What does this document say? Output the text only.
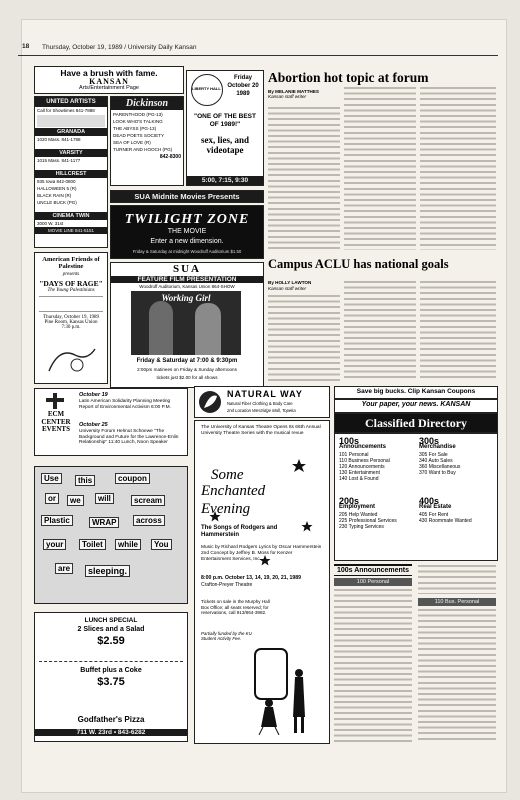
18 Thursday, October 19, 1989 / University Daily Kansan
Have a brush with fame.
KANSAN
Arts/Entertainment Page
UNITED ARTISTS
Call for Showtimes 841-7888
GRANADA
1020 Mass. 841-1788
VARSITY
1015 Mass. 841-1177
HILLCREST
935 Iowa 842-0800
HALLOWEEN 5 (R)
BLACK RAIN (R)
UNCLE BUCK (PG)
CINEMA TWIN
3000 W. 31st
MOVIE LINE 841-5151
Dickinson
PARENTHOOD (PG-13)
LOOK WHO'S TALKING
THE ABYSS (PG-13)
DEAD POETS SOCIETY
SEA OF LOVE (R)
TURNER AND HOOCH (PG)
842-8300
LIBERTY HALL
Friday October 20 1989
"ONE OF THE BEST OF 1989!"
sex, lies, and videotape
5:00, 7:15, 9:30
SUA Midnite Movies Presents
TWILIGHT ZONE
THE MOVIE
Enter a new dimension.
Friday & Saturday at midnight Woodruff Auditorium $1.50
American Friends of Palestine
presents
"DAYS OF RAGE"
The Young Palestinians
Thursday, October 19, 1989
Pine Room, Kansas Union
7:30 p.m.
SUA
FEATURE FILM PRESENTATION
Woodruff Auditorium, Kansas Union 864-SHOW
Working Girl
Friday & Saturday at 7:00 & 9:30pm
2:00pm matinees on Friday & Sunday afternoons
tickets just $2.00 for all shows
ECM CENTER EVENTS
October 19
Latin American Solidarity Planning Meeting Report of Environmental Activism 6:00 P.M.
October 25
University Forum Helmut Schnewe "The Background and Future for the Lawrence-Enlin Relationship" 11:40 Lunch, Noon Speaker
Use	this	coupon
or	we	will	scream
Plastic	WRAP	across
your	Toilet	while	You
are	sleeping.
LUNCH SPECIAL
2 Slices and a Salad
$2.59
Buffet plus a Coke
$3.75
Godfather's Pizza
711 W. 23rd • 843-6282
Abortion hot topic at forum
By MELANIE MATTHES
Kansan staff writer
Campus ACLU has national goals
By HOLLY LAWTON
Kansan staff writer
NATURAL WAY
Natural Fiber Clothing & Body Care
2nd Location Westridge Mall, Topeka
The University of Kansas Theatre Opens Its 66th Annual University Theatre Series with the musical revue
Some
Enchanted
Evening
The Songs of Rodgers and Hammerstein
Music by Richard Rodgers Lyrics by Oscar Hammerstein 2nd Concept by Jeffrey B. Moss for Kenzer Entertainment Services, Inc.
8:00 p.m. October 13, 14, 19, 20, 21, 1989
Crafton-Preyer Theatre
Tickets on sale in the Murphy Hall Box Office; all seats reserved; for reservations, call 913/864-3982.
Partially funded by the KU Student Activity Fee.
Save big bucks. Clip Kansan Coupons
Your paper, your news. KANSAN
Classified Directory
100s
Announcements
101 Personal
110 Business Personal
120 Announcements
130 Entertainment
140 Lost & Found
300s
Merchandise
305 For Sale
340 Auto Sales
360 Miscellaneous
370 Want to Buy
200s
Employment
205 Help Wanted
225 Professional Services
230 Typing Services
400s
Real Estate
405 For Rent
430 Roommate Wanted
100s Announcements
100 Personal
110 Bus. Personal
